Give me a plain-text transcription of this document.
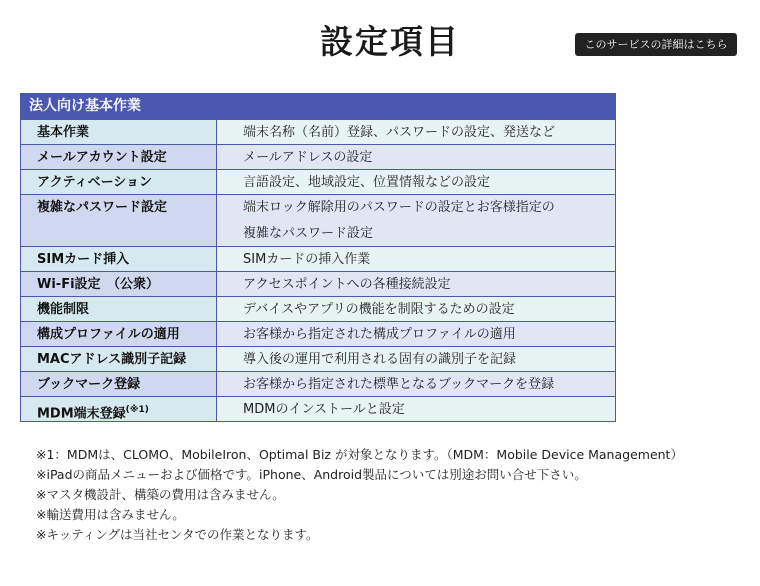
設定項目	このサービスの詳細はこちら
法人向け基本作業
基本作業	端末名称（名前）登録、パスワードの設定、発送など
メールアカウント設定	メールアドレスの設定
アクティベーション	言語設定、地域設定、位置情報などの設定
複雑なパスワード設定	端末ロック解除用のパスワードの設定とお客様指定の
複雑なパスワード設定
SIMカード挿入	SIMカードの挿入作業
Wi-Fi設定　（公衆）	アクセスポイントへの各種接続設定
機能制限	デバイスやアプリの機能を制限するための設定
構成プロファイルの適用	お客様から指定された構成プロファイルの適用
MACアドレス識別子記録	導入後の運用で利用される固有の識別子を記録
ブックマーク登録	お客様から指定された標準となるブックマークを登録
MDM端末登録$^{(※1)}$	MDMのインストールと設定
※1：MDMは、CLOMO、MobileIron、Optimal Biz が対象となります。（MDM：Mobile Device Management）
※iPadの商品メニューおよび価格です。iPhone、Android製品については別途お問い合せ下さい。
※マスタ機設計、構築の費用は含みません。
※輸送費用は含みません。
※キッティングは当社センタでの作業となります。
